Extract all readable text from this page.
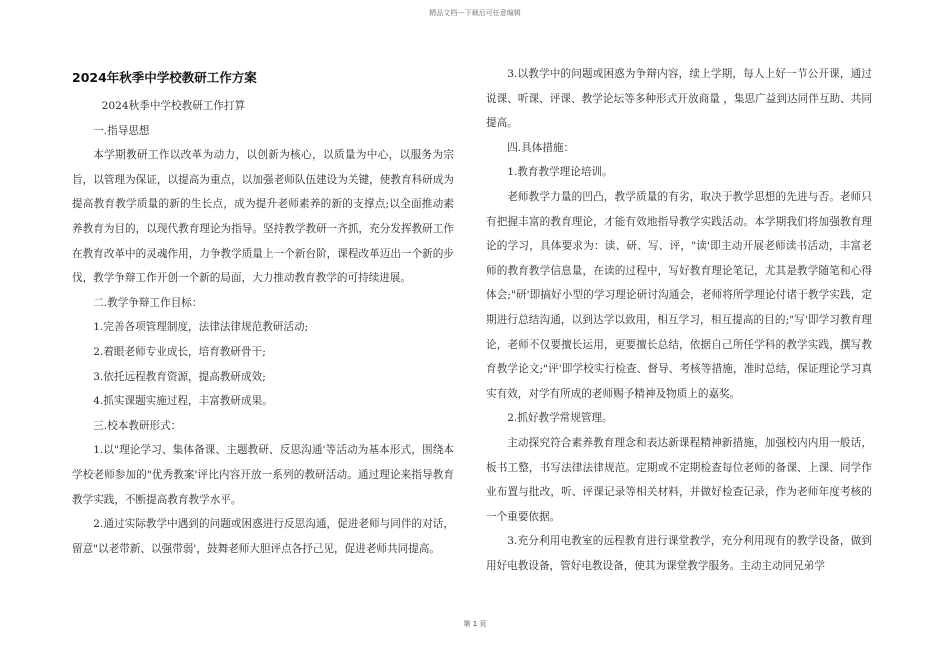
精品文档---下载后可任意编辑
2024年秋季中学校教研工作方案

2024秋季中学校教研工作打算

一.指导思想

本学期教研工作以改革为动力，以创新为核心，以质量为中心，以服务为宗旨，以管理为保证，以提高为重点，以加强老师队伍建设为关键，使教育科研成为提高教育教学质量的新的生长点，成为提升老师素养的新的支撑点;以全面推动素养教育为目的，以现代教育理论为指导。坚持教学教研一齐抓，充分发挥教研工作在教育改革中的灵魂作用，力争教学质量上一个新台阶，课程改革迈出一个新的步伐，教学争辩工作开创一个新的局面，大力推动教育教学的可持续进展。

二.教学争辩工作目标：

1.完善各项管理制度，法律法律规范教研活动;

2.着眼老师专业成长，培育教研骨干;

3.依托远程教育资源，提高教研成效;

4.抓实课题实施过程，丰富教研成果。

三.校本教研形式：

1.以"理论学习、集体备课、主题教研、反思沟通'等活动为基本形式，围绕本学校老师参加的"优秀教案'评比内容开放一系列的教研活动。通过理论来指导教育教学实践，不断提高教育教学水平。

2.通过实际教学中遇到的问题或困惑进行反思沟通，促进老师与同伴的对话，留意"以老带新、以强带弱'，鼓舞老师大胆评点各抒己见，促进老师共同提高。

3.以教学中的问题或困惑为争辩内容，续上学期，每人上好一节公开课，通过说课、听课、评课、教学论坛等多种形式开放商量 ，集思广益到达同伴互助、共同提高。

四.具体措施：

1.教育教学理论培训。

老师教学力量的凹凸，教学质量的有劣，取决于教学思想的先进与否。老师只有把握丰富的教育理论，才能有效地指导教学实践活动。本学期我们将加强教育理论的学习，具体要求为：读、研、写、评，"读'即主动开展老师读书活动，丰富老师的教育教学信息量，在读的过程中，写好教育理论笔记，尤其是教学随笔和心得体会;"研'即搞好小型的学习理论研讨沟通会，老师将所学理论付诸于教学实践，定期进行总结沟通，以到达学以致用，相互学习，相互提高的目的;"写'即学习教育理论，老师不仅要擅长运用，更要擅长总结，依据自己所任学科的教学实践，撰写教育教学论文;"评'即学校实行检查、督导、考核等措施，准时总结，保证理论学习真实有效，对学有所成的老师赐予精神及物质上的嘉奖。

2.抓好教学常规管理。

主动探究符合素养教育理念和表达新课程精神新措施，加强校内内用一般话，板书工整，书写法律法律规范。定期或不定期检查每位老师的备课、上课、同学作业布置与批改，听、评课记录等相关材料，并做好检查记录，作为老师年度考核的一个重要依据。

3.充分利用电教室的远程教育进行课堂教学，充分利用现有的教学设备，做到用好电教设备，管好电教设备，使其为课堂教学服务。主动主动同兄弟学

第 1 页
